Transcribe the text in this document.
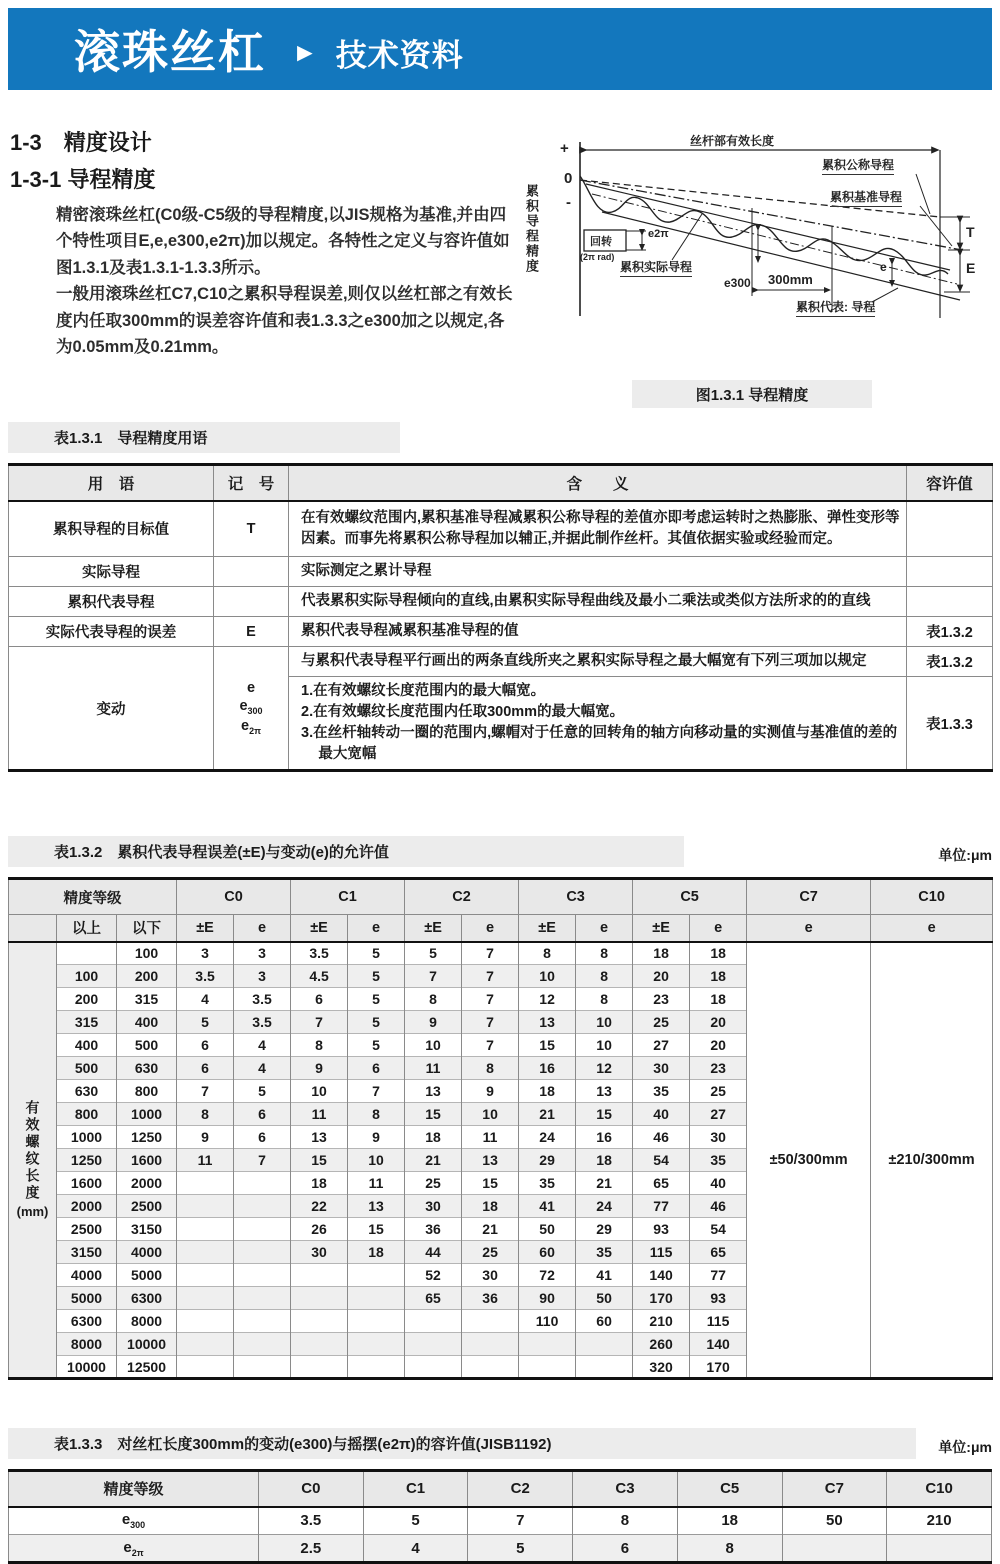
滚珠丝杠 ► 技术资料
1-3　精度设计
1-3-1 导程精度

精密滚珠丝杠(C0级-C5级的导程精度,以JIS规格为基准,并由四个特性项目E,e,e300,e2π)加以规定。各特性之定义与容许值如图1.3.1及表1.3.1-1.3.3所示。

一般用滚珠丝杠C7,C10之累积导程误差,则仅以丝杠部之有效长度内任取300mm的误差容许值和表1.3.3之e300加之以规定,各为0.05mm及0.21mm。

累积导程精度
+
0
-
丝杆部有效长度
累积公称导程
累积基准导程
累积实际导程
累积代表: 导程
回转
(2π rad)
e2π
e300 300mm
e
T
E
图1.3.1 导程精度
表1.3.1　导程精度用语
用　语	记　号	含　　义	容许值
累积导程的目标值	T	在有效螺纹范围内,累积基准导程减累积公称导程的差值亦即考虑运转时之热膨胀、弹性变形等因素。而事先将累积公称导程加以辅正,并据此制作丝杆。其值依据实验或经验而定。	
实际导程		实际测定之累计导程	
累积代表导程		代表累积实际导程倾向的直线,由累积实际导程曲线及最小二乘法或类似方法所求的的直线	
实际代表导程的误差	E	累积代表导程减累积基准导程的值	表1.3.2
变动	e
$e_{300}$
$e_{2\pi}$	与累积代表导程平行画出的两条直线所夹之累积实际导程之最大幅宽有下列三项加以规定	表1.3.2

		1.在有效螺纹长度范围内的最大幅宽。
2.在有效螺纹长度范围内任取300mm的最大幅宽。
3.在丝杆轴转动一圈的范围内,螺帽对于任意的回转角的轴方向移动量的实测值与基准值的差的最大宽幅	表1.3.3
表1.3.2　累积代表导程误差(±E)与变动(e)的允许值	单位:μm
精度等级			C0		C1		C2		C3		C5		C7	C10
	以上	以下	±E	e	±E	e	±E	e	±E	e	±E	e	e	e

有效螺纹长度
(mm)		100	3	3	3.5	5	5	7	8	8	18	18	±50/300mm	±210/300mm
	100	200	3.5	3	4.5	5	7	7	10	8	20	18		
	200	315	4	3.5	6	5	8	7	12	8	23	18		
	315	400	5	3.5	7	5	9	7	13	10	25	20		
	400	500	6	4	8	5	10	7	15	10	27	20		
	500	630	6	4	9	6	11	8	16	12	30	23		
	630	800	7	5	10	7	13	9	18	13	35	25		
	800	1000	8	6	11	8	15	10	21	15	40	27		
	1000	1250	9	6	13	9	18	11	24	16	46	30		
	1250	1600	11	7	15	10	21	13	29	18	54	35		
	1600	2000			18	11	25	15	35	21	65	40		
	2000	2500			22	13	30	18	41	24	77	46		
	2500	3150			26	15	36	21	50	29	93	54		
	3150	4000			30	18	44	25	60	35	115	65		
	4000	5000					52	30	72	41	140	77		
	5000	6300					65	36	90	50	170	93		
	6300	8000							110	60	210	115		
	8000	10000									260	140		
	10000	12500									320	170		
表1.3.3　对丝杠长度300mm的变动(e300)与摇摆(e2π)的容许值(JISB1192)	单位:μm
精度等级	C0	C1	C2	C3	C5	C7	C10
$e_{300}$	3.5	5	7	8	18	50	210
$e_{2\pi}$	2.5	4	5	6	8		
